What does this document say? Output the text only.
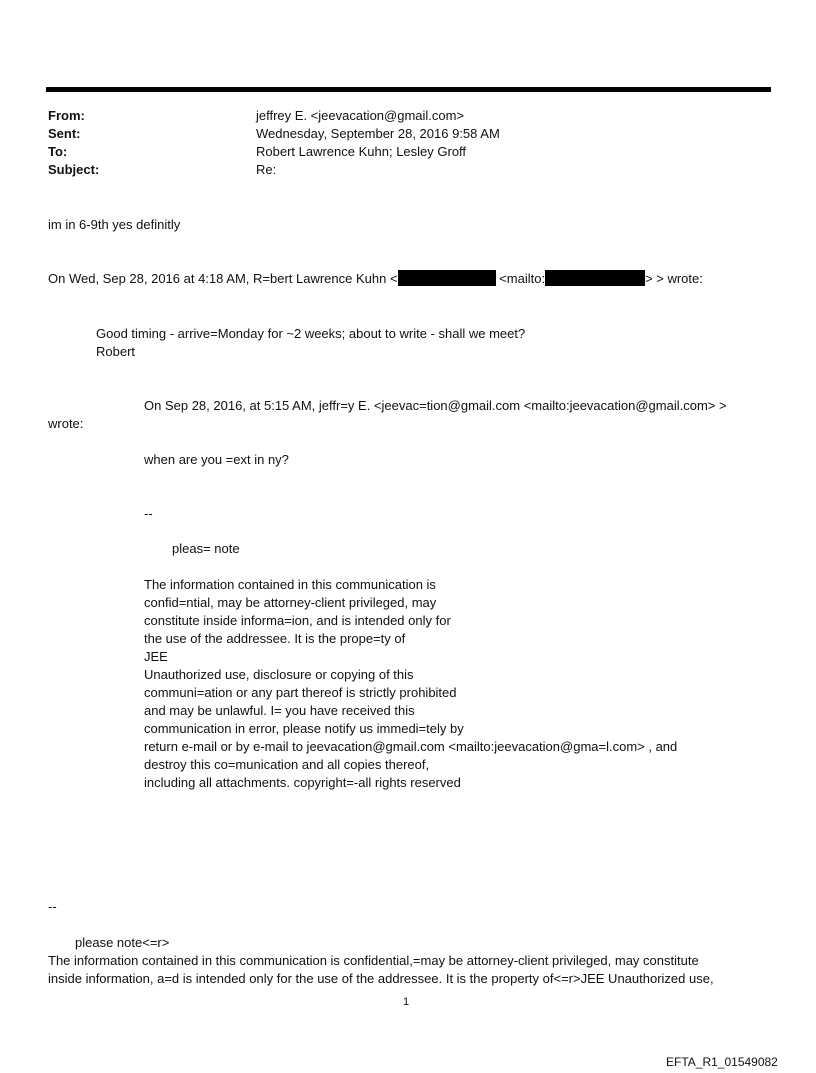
From:	jeffrey E. <jeevacation@gmail.com>
Sent:	Wednesday, September 28, 2016 9:58 AM
To:	Robert Lawrence Kuhn; Lesley Groff
Subject:	Re:
im in 6-9th yes definitly
On Wed, Sep 28, 2016 at 4:18 AM, R=bert Lawrence Kuhn <	<mailto:	> > wrote:
Good timing - arrive=Monday for ~2 weeks; about to write - shall we meet?
Robert
On Sep 28, 2016, at 5:15 AM, jeffr=y E. <jeevac=tion@gmail.com <mailto:jeevacation@gmail.com> >
wrote:
when are you =ext in ny?
--
pleas= note
The information contained in this communication is
confid=ntial, may be attorney-client privileged, may
constitute inside informa=ion, and is intended only for
the use of the addressee. It is the prope=ty of
JEE
Unauthorized use, disclosure or copying of this
communi=ation or any part thereof is strictly prohibited
and may be unlawful. I= you have received this
communication in error, please notify us immedi=tely by
return e-mail or by e-mail to jeevacation@gmail.com <mailto:jeevacation@gma=l.com> , and
destroy this co=munication and all copies thereof,
including all attachments. copyright=-all rights reserved
--
please note<=r>
The information contained in this communication is confidential,=may be attorney-client privileged, may constitute
inside information, a=d is intended only for the use of the addressee. It is the property of<=r>JEE Unauthorized use,
1
EFTA_R1_01549082
